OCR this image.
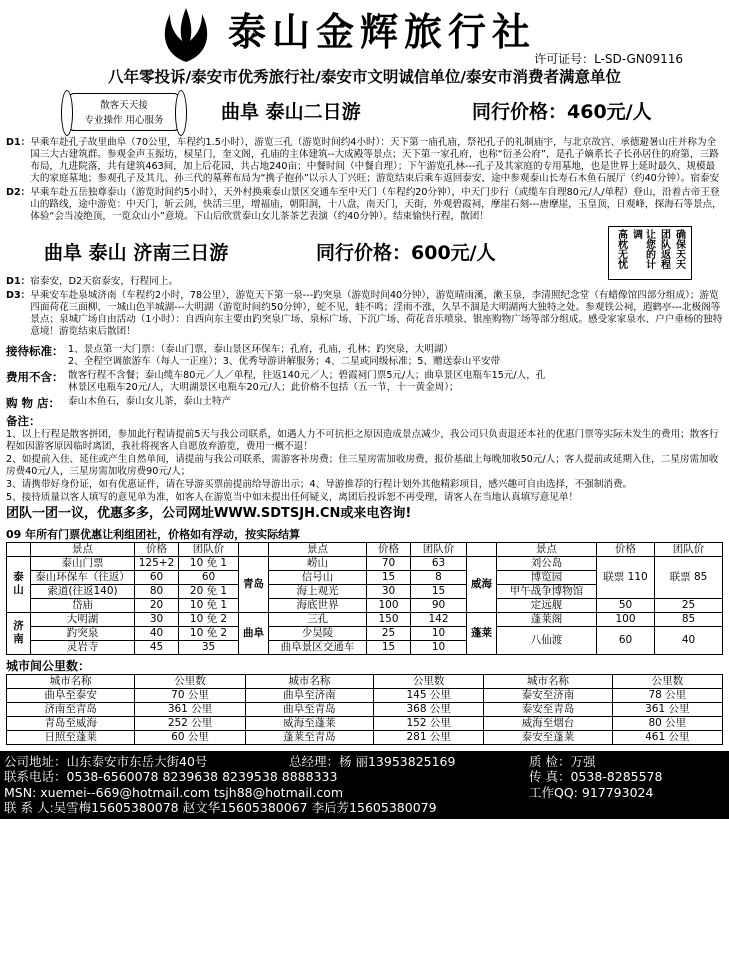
泰山金辉旅行社
许可证号：L-SD-GN09116
八年零投诉/泰安市优秀旅行社/泰安市文明诚信单位/泰安市消费者满意单位
散客天天接
专业操作 用心服务	曲阜 泰山二日游	同行价格：460元/人
D1： 早乘车赴孔子故里曲阜（70公里，车程约1.5小时），游览三孔（游览时间约4小时）：天下第一庙孔庙，祭祀孔子的礼制庙宇，与北京故宫、承德避暑山庄并称为全国三大古建筑群。参观金声玉振坊，棂星门，奎文阁，孔庙的主体建筑--大成殿等景点；天下第一家孔府，也称“衍圣公府”，是孔子嫡系长子长孙居住的府第，三路布局，九进院落，共有建筑463间，加上后花园，共占地240亩；中餐时间（中餐自理）；下午游览孔林---孔子及其家庭的专用墓地，也是世界上延时最久、规模最大的家庭墓地；参观孔子及其儿、孙三代的墓葬布局为“携子抱孙”以示人丁兴旺；游览结束后乘车返回泰安，途中参观泰山长寿石木鱼石展厅（约40分钟）。宿泰安
D2： 早乘车赴五岳独尊泰山（游览时间约5小时），天外村换乘泰山景区交通车至中天门（车程约20分钟），中天门步行（或缆车自理80元/人/单程）登山，沿着古帝王登山的路线，途中游览：中天门，斩云剑，快活三里，增福庙，朝阳洞，十八盘，南天门，天街，外观碧霞祠，摩崖石刻---唐摩崖，玉皇顶，日观峰，探海石等景点，体验“会当凌绝顶，一览众山小”意境。下山后欣赏泰山女儿茶茶艺表演（约40分钟）。结束愉快行程，散团！
曲阜 泰山 济南三日游	同行价格：600元/人	确保天天
团队返程
让您的计调
高枕无忧
D1： 宿泰安，D2天宿泰安，行程同上。
D3： 早乘安车赴泉城济南（车程约2小时，78公里），游览天下第一泉---趵突泉（游览时间40分钟），游览晴雨溪，漱玉泉，李清照纪念堂（有蜡像馆四部分组成）；游览四面荷花三面柳、一城山色半城湖---大明湖（游览时间约50分钟），蛇不见，蛙不鸣；淫雨不涨，久旱不涸是大明湖两大独特之处。参观铁公祠，遐鹤亭---北极阁等景点；泉城广场自由活动（1小时）：自西向东主要由趵突泉广场、泉标广场、下沉广场、荷花音乐喷泉、银座购物广场等部分组成。感受家家泉水、户户垂杨的独特意境！游览结束后散团！
接待标准： 1、景点第一大门票：（泰山门票，泰山景区环保车；孔府，孔庙，孔林；趵突泉，大明湖）
2、全程空调旅游车（每人一正座）；3、优秀导游讲解服务；4、二星或同级标准；5、赠送泰山平安带
费用不含： 散客行程不含餐；泰山缆车80元／人／单程，往返140元／人；碧霞祠门票5元/人；曲阜景区电瓶车15元/人，孔
林景区电瓶车20元/人，大明湖景区电瓶车20元/人；此价格不包括（五一节，十一黄金周）；
购 物 店： 泰山木鱼石，泰山女儿茶，泰山土特产
备注：
1、以上行程是散客拼团，参加此行程请提前5天与我公司联系，如遇人力不可抗拒之原因造成景点减少，我公司只负责退还本社的优惠门票等实际未发生的费用；散客行程如因游客原因临时离团，我社将视客人自愿放弃游览，费用一概不退！
2、如提前入住、延住或产生自然单间，请提前与我公司联系，需游客补房费；住三星房需加收房费，报价基础上每晚加收50元/人；客人提前或延期入住，二星房需加收房费40元/人，三星房需加收房费90元/人；
3、请携带好身份证，如有优惠证件，请在导游买票前提前给导游出示；4、导游推荐的行程计划外其他精彩项目，感兴趣可自由选择，不强制消费。
5、接待质量以客人填写的意见单为准，如客人在游览当中如未提出任何疑义，离团后投诉恕不再受理，请客人在当地认真填写意见单！
团队一团一议，优惠多多，公司网址WWW.SDTSJH.CN或来电咨询!
09 年所有门票优惠让利组团社，价格如有浮动，按实际结算
	景点	价格	团队价		景点	价格	团队价		景点	价格	团队价
泰山	泰山门票	125+2	10 免 1	青岛	崂山	70	63	威海	刘公岛	联票 110	联票 85
	泰山环保车（往返）	60	60		信号山	15	8		博览园		
	索道(往返140)	80	20 免 1		海上观光	30	15		甲午战争博物馆		
	岱庙	20	10 免 1		海底世界	100	90		定远舰	50	25
济南	大明湖	30	10 免 2	曲阜	三孔	150	142	蓬莱	蓬莱阁	100	85
	趵突泉	40	10 免 2		少昊陵	25	10		八仙渡	60	40
	灵岩寺	45	35		曲阜景区交通车	15	10				
城市间公里数：
城市名称	公里数	城市名称	公里数	城市名称	公里数
曲阜至泰安	70 公里	曲阜至济南	145 公里	泰安至济南	78 公里
济南至青岛	361 公里	曲阜至青岛	368 公里	泰安至青岛	361 公里
青岛至威海	252 公里	威海至蓬莱	152 公里	威海至烟台	80 公里
日照至蓬莱	60 公里	蓬莱至青岛	281 公里	泰安至蓬莱	461 公里
公司地址：山东泰安市东岳大街40号	总经理：杨 丽13953825169	质 检：万强
联系电话：0538-6560078 8239638 8239538 8888333	传 真：0538-8285578
MSN: xuemei--669@hotmail.com tsjh88@hotmail.com	工作QQ: 917793024
联 系 人:吴雪梅15605380078 赵文华15605380067 李后芳15605380079
